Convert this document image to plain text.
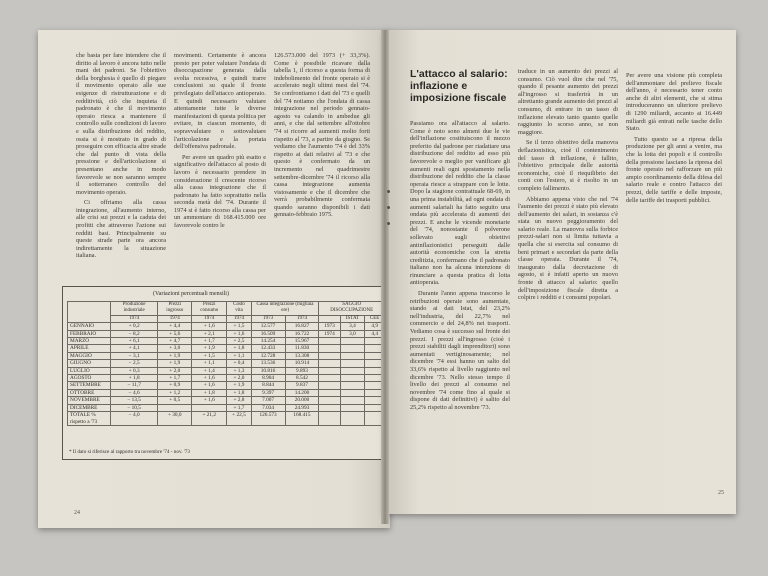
che basta per fare intendere che il diritto al lavoro è ancora tutto nelle mani dei padroni. Se l'obiettivo della borghesia è quello di piegare il movimento operaio alle sue esigenze di ristrutturazione e di redditività, ciò che inquieta il padronato è che il movimento operaio riesca a mantenere il controllo sulle condizioni di lavoro e sulla distribuzione del reddito, ossia si è mostrato in grado di proseguire con efficacia altre strade che dal punto di vista della pressione e dell'articolazione si presentano anche in modo favorevole se non saranno sempre il sotterraneo controllo del movimento operaio.

Ci offriamo alla cassa integrazione, all'aumento interno, alle crisi sui prezzi e la caduta dei profitti che attraverso l'azione sui redditi basi. Principalmente su queste strade parte ora ancora indirettamente la situazione italiana.

movimenti. Certamente è ancora presto per poter valutare l'ondata di disoccupazione generata dalla svolta recessiva, e quindi trarre conclusioni su quale il fronte privilegiato dell'attacco antioperaio. E quindi necessario valutare attentamente tutte le diverse manifestazioni di questa politica per evitare, in ciascun momento, di sopravvalutare o sottovalutare l'articolazione e la portata dell'offensiva padronale.

Per avere un quadro più esatto e significativo dell'attacco al posto di lavoro è necessario prendere in considerazione il crescente ricorso alla cassa integrazione che il padronato ha fatto soprattutto nella seconda metà del '74. Durante il 1974 si è fatto ricorso alla cassa per un ammontare di 168.415.000 ore favorevole contro le

126.573.000 del 1973 (+ 33,3%). Come è possibile ricavare dalla tabella 1, il ricorso a questa forma di indebolimento del fronte operaio si è accelerato negli ultimi mesi del '74. Se confrontiamo i dati del '73 e quelli del '74 notiamo che l'ondata di cassa integrazione nel periodo gennaio-agosto va calando in ambedue gli anni, e che dal settembre all'ottobre '74 si ricorre ad aumenti molto forti rispetto al '73, a partire da giugno. Se vediamo che l'aumento '74 è del 33% rispetto ai dati relativi al '73 e che questo è confermato da un incremento nel quadrimestre settembre-dicembre '74 il ricorso alla cassa integrazione aumenta vistosamente e che il dicembre che verrà probabilmente confermata quando saranno disponibili i dati gennaio-febbraio 1975.

24
(Variazioni percentuali mensili)
	Produzione industriale	Prezzi ingrosso	Prezzi consumo	Costo vita	Cassa integrazione (migliaia ore)		SAGGIO DISOCCUPAZIONE		
	1974	1974	1974	1974	1973	1974		ISTAT	CEE
GENNAIO	+ 0,2	+ 4,4	+ 1,6	+ 1,5	12.577	16.827	1973	3,4	4,9
FEBBRAIO	− 8,2	+ 5,6	+ 2,1	+ 1,6	16.509	16.722	1974	3,0	4,4
MARZO	+ 6,1	+ 4,7	+ 1,7	+ 2,5	14.254	15.967			
APRILE	+ 4,1	+ 3,0	+ 1,9	+ 1,8	12.433	11.830			
MAGGIO	− 3,1	+ 1,9	+ 1,5	+ 1,1	12.728	13.308			
GIUGNO	− 2,5	+ 1,9	+ 1,1	+ 0,4	13.536	10.914			
LUGLIO	+ 0,3	+ 2,0	+ 1,4	+ 1,3	10.816	9.893			
AGOSTO	+ 1,8	+ 1,7	+ 1,6	+ 2,0	8.904	8.542			
SETTEMBRE	− 11,7	+ 0,9	+ 1,6	+ 1,9	8.844	9.837			
OTTOBRE	− 4,6	+ 1,2	+ 1,8	+ 1,8	9.397	14.200			
NOVEMBRE	− 13,5	+ 0,5	+ 1,6	+ 2,8	7.007	20.000			
DICEMBRE	− 10,5			+ 1,7	7.034	24.993			
TOTALE % rispetto a '73	− 4,0	+ 30,0	+ 21,2	+ 22,5	126.573	168.415			
* Il dato si riferisce al rapporto tra novembre '74 - nov. '73
L'attacco al salario: inflazione e imposizione fiscale

Passiamo ora all'attacco al salario. Come è noto sono almeni due le vie dell'inflazione costituiscono il mezzo preferito dal padrone per riadattare una distribuzione del reddito ad esso più favorevole o meglio per vanificare gli aumenti reali ogni spostamento nella distribuzione del reddito che la classe operaia riesce a strappare con le lotte. Dopo la stagione contrattuale 68-69, in una prima instabilità, ad ogni ondata di aumenti salariali ha fatto seguito una ondata più accelerata di aumenti dei prezzi. E anche le vicende monetarie del '74, nonostante il polverone sollevato sugli obiettivi antinflazionistici perseguiti dalle autorità economiche con la stretta creditizia, confermano che il padronato italiano non ha alcuna intenzione di rinunciare a questa pratica di lotta antioperaia.

Durante l'anno appena trascorso le retribuzioni operaie sono aumentate, stando ai dati Istat, del 23,2% nell'industria, del 22,7% nel commercio e del 24,8% nei trasporti. Vediamo cosa è successo sul fronte dei prezzi. I prezzi all'ingrosso (cioè i prezzi stabiliti dagli imprenditori) sono aumentati vertiginosamente; nel dicembre '74 essi hanno un salto del 33,6% rispetto al livello raggiunto nel dicembre '73. Nello stesso tempo il livello dei prezzi al consumo nel novembre '74 come fino al quale si dispone di dati definitivi) è salito del 25,2% rispetto al novembre '73.

traduce in un aumento dei prezzi al consumo. Ciò vuol dire che nel '75, quando il pesante aumento dei prezzi all'ingrosso si trasferirà in un altrettanto grande aumento dei prezzi al consumo, di entrare in un tasso di inflazione elevato tanto quanto quelle raggiunto lo scorso anno, se non maggiore.

Se il terzo obiettivo della manovra deflazionistica, cioè il contenimento del tasso di inflazione, è fallito, l'obiettivo principale delle autorità economiche, cioè il riequilibrio dei conti con l'estero, si è risolto in un completo fallimento.

Abbiamo appena visto che nel '74 l'aumento dei prezzi è stato più elevato dell'aumento dei salari, in sostanza c'è stata un nuovo peggioramento del salario reale. La manovra sulla forbice prezzi-salari non si limita tuttavia a quella che si esercita sul consumo di beni primari e secondari da parte della classe operaia. Durante il '74, inaugurato dalla decretazione di agosto, si è infatti aperto un nuovo fronte di attacco al salario: quello dell'imposizione fiscale diretta a colpire i redditi e i consumi popolari.

Per avere una visione più completa dell'ammontare del prelievo fiscale dell'anno, è necessario tener conto anche di altri elementi, che si stima introduceranno un ulteriore prelievo di 1290 miliardi, accanto ai 16.449 miliardi già entrati nelle tasche dello Stato.

Tutto questo se a ripresa della produzione per gli anni a venire, ma che la lotta dei popoli e il controllo della pressione lasciano la ripresa del fronte operaio nel rafforzare un più ampio coordinamento della difesa del salario reale e contro l'attacco dei prezzi, delle tariffe e delle imposte, delle tariffe dei trasporti pubblici.

25
